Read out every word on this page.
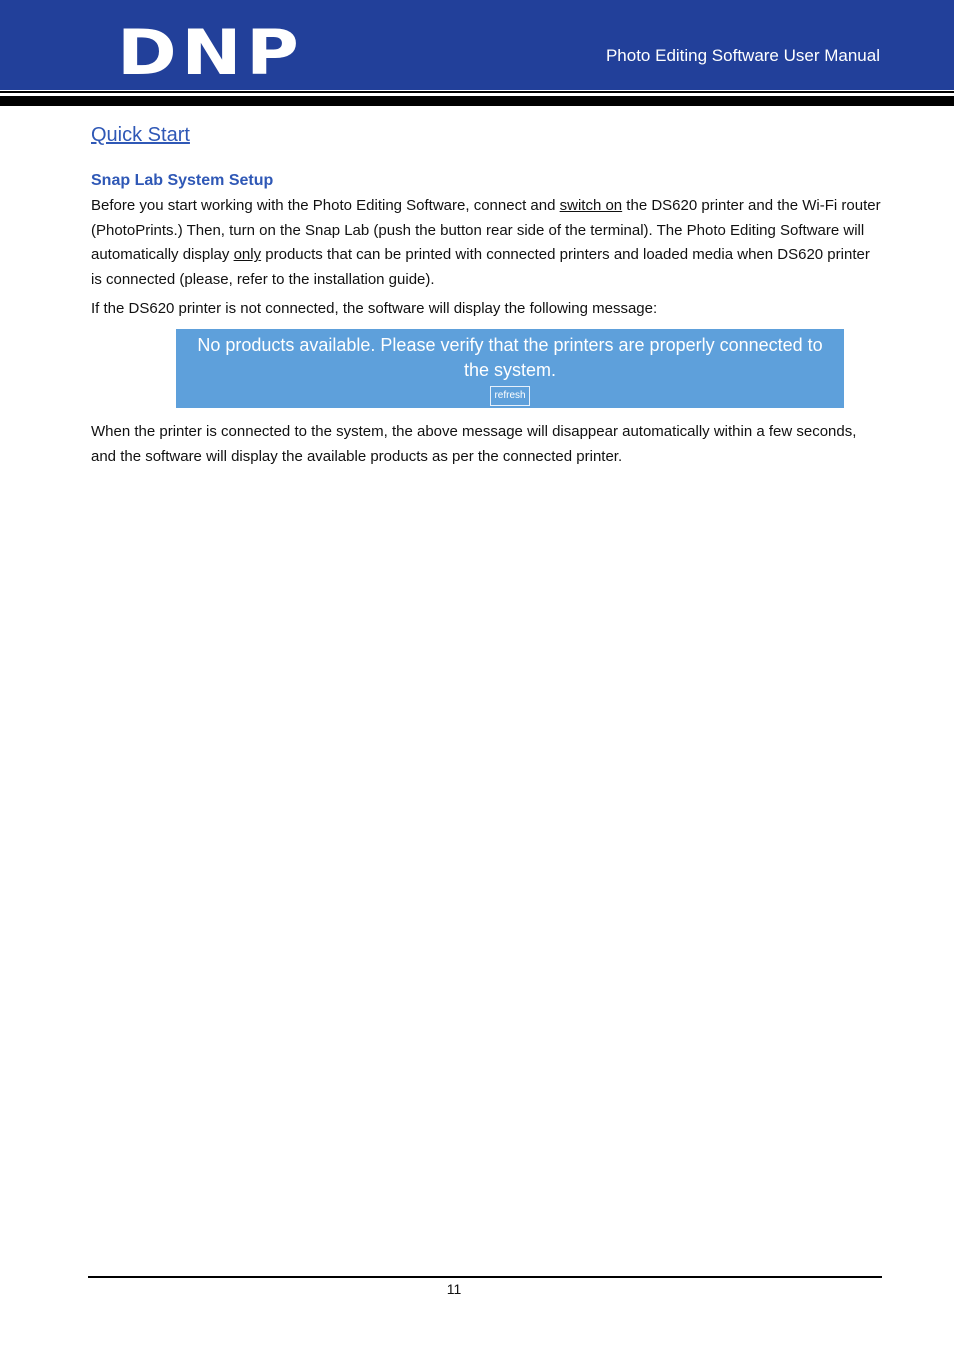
DNP	Photo Editing Software User Manual
Quick Start
Snap Lab System Setup

Before you start working with the Photo Editing Software, connect and switch on the DS620 printer and the Wi-Fi router (PhotoPrints.) Then, turn on the Snap Lab (push the button rear side of the terminal). The Photo Editing Software will automatically display only products that can be printed with connected printers and loaded media when DS620 printer is connected (please, refer to the installation guide).

If the DS620 printer is not connected, the software will display the following message:

No products available. Please verify that the printers are properly connected to the system.
refresh

When the printer is connected to the system, the above message will disappear automatically within a few seconds, and the software will display the available products as per the connected printer.

11
